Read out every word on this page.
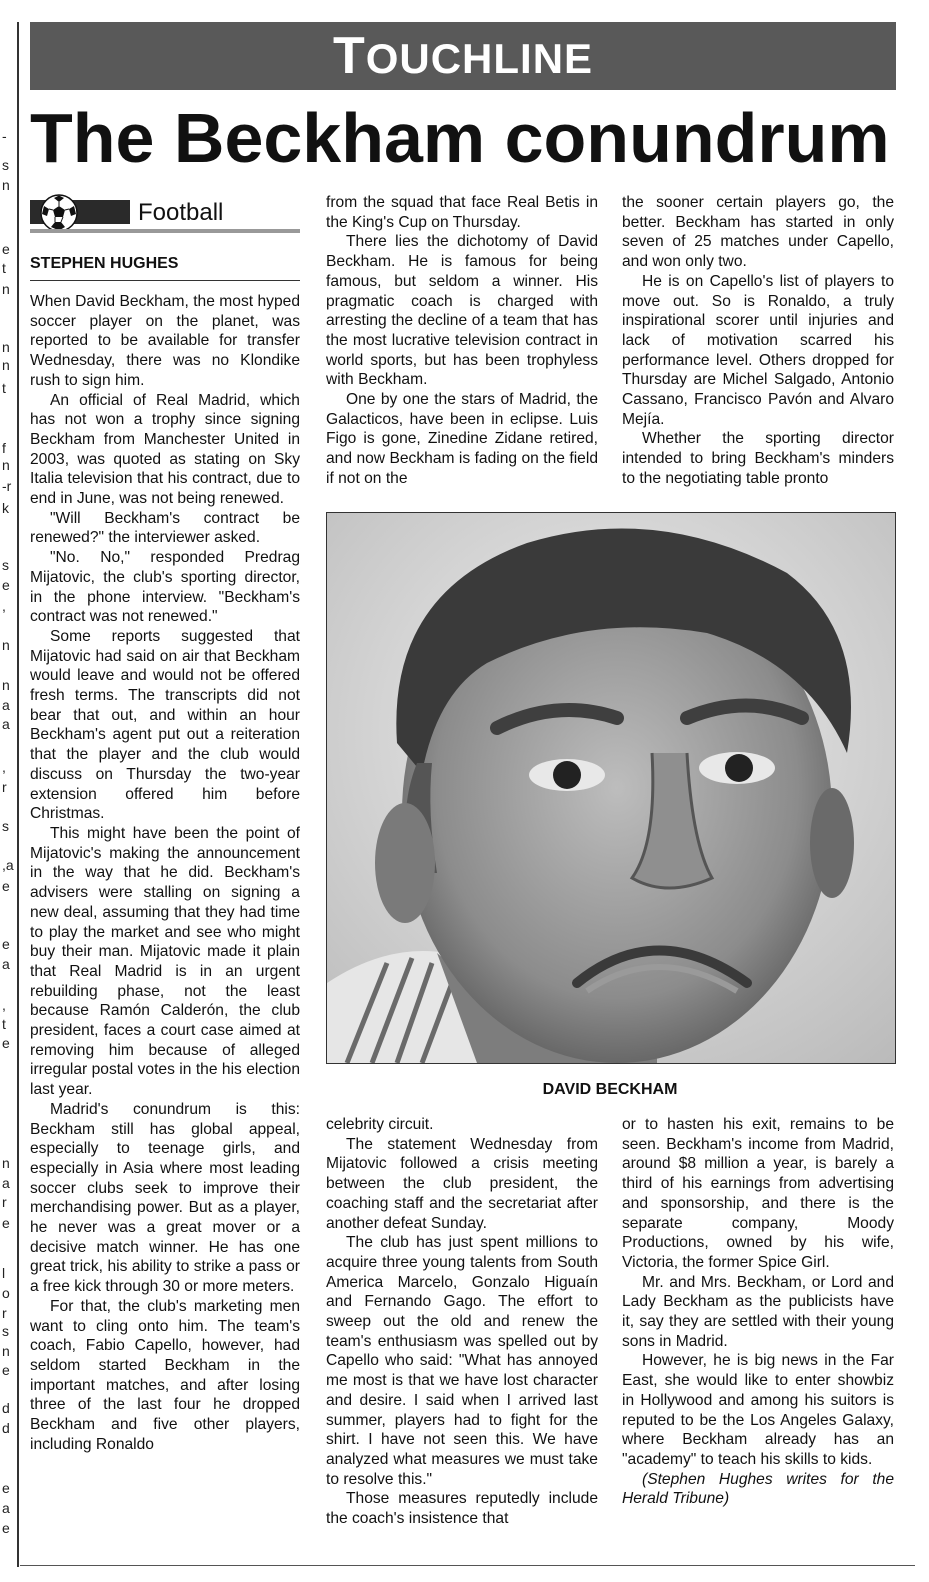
-
s
n
e
t
n
n
n
t
f
n
-r
k
s
e
,
n
n
a
a
,
r
s
,a
e
e
a
,
t
e
n
a
r
e
l
o
r
s
n
e
d
d
e
a
e
TOUCHLINE
The Beckham conundrum
Football
STEPHEN HUGHES

When David Beckham, the most hyped soccer player on the planet, was reported to be available for transfer Wednesday, there was no Klondike rush to sign him.

An official of Real Madrid, which has not won a trophy since signing Beckham from Manchester United in 2003, was quoted as stating on Sky Italia television that his contract, due to end in June, was not being renewed.

"Will Beckham's contract be renewed?" the interviewer asked.

"No. No," responded Predrag Mijatovic, the club's sporting director, in the phone interview. "Beckham's contract was not renewed."

Some reports suggested that Mijatovic had said on air that Beckham would leave and would not be offered fresh terms. The transcripts did not bear that out, and within an hour Beckham's agent put out a reiteration that the player and the club would discuss on Thursday the two-year extension offered him before Christmas.

This might have been the point of Mijatovic's making the announcement in the way that he did. Beckham's advisers were stalling on signing a new deal, assuming that they had time to play the market and see who might buy their man. Mijatovic made it plain that Real Madrid is in an urgent rebuilding phase, not the least because Ramón Calderón, the club president, faces a court case aimed at removing him because of alleged irregular postal votes in the his election last year.

Madrid's conundrum is this: Beckham still has global appeal, especially to teenage girls, and especially in Asia where most leading soccer clubs seek to improve their merchandising power. But as a player, he never was a great mover or a decisive match winner. He has one great trick, his ability to strike a pass or a free kick through 30 or more meters.

For that, the club's marketing men want to cling onto him. The team's coach, Fabio Capello, however, had seldom started Beckham in the important matches, and after losing three of the last four he dropped Beckham and five other players, including Ronaldo

from the squad that face Real Betis in the King's Cup on Thursday.

There lies the dichotomy of David Beckham. He is famous for being famous, but seldom a winner. His pragmatic coach is charged with arresting the decline of a team that has the most lucrative television contract in world sports, but has been trophyless with Beckham.

One by one the stars of Madrid, the Galacticos, have been in eclipse. Luis Figo is gone, Zinedine Zidane retired, and now Beckham is fading on the field if not on the

the sooner certain players go, the better. Beckham has started in only seven of 25 matches under Capello, and won only two.

He is on Capello's list of players to move out. So is Ronaldo, a truly inspirational scorer until injuries and lack of motivation scarred his performance level. Others dropped for Thursday are Michel Salgado, Antonio Cassano, Francisco Pavón and Alvaro Mejía.

Whether the sporting director intended to bring Beckham's minders to the negotiating table pronto

DAVID BECKHAM

celebrity circuit.

The statement Wednesday from Mijatovic followed a crisis meeting between the club president, the coaching staff and the secretariat after another defeat Sunday.

The club has just spent millions to acquire three young talents from South America Marcelo, Gonzalo Higuaín and Fernando Gago. The effort to sweep out the old and renew the team's enthusiasm was spelled out by Capello who said: "What has annoyed me most is that we have lost character and desire. I said when I arrived last summer, players had to fight for the shirt. I have not seen this. We have analyzed what measures we must take to resolve this."

Those measures reputedly include the coach's insistence that

or to hasten his exit, remains to be seen. Beckham's income from Madrid, around $8 million a year, is barely a third of his earnings from advertising and sponsorship, and there is the separate company, Moody Productions, owned by his wife, Victoria, the former Spice Girl.

Mr. and Mrs. Beckham, or Lord and Lady Beckham as the publicists have it, say they are settled with their young sons in Madrid.

However, he is big news in the Far East, she would like to enter showbiz in Hollywood and among his suitors is reputed to be the Los Angeles Galaxy, where Beckham already has an "academy" to teach his skills to kids.

(Stephen Hughes writes for the Herald Tribune)
